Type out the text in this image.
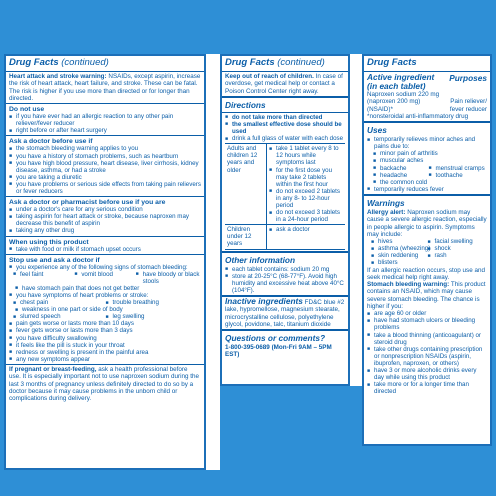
Drug Facts (continued)
Heart attack and stroke warning: NSAIDs, except aspirin, increase the risk of heart attack, heart failure, and stroke. These can be fatal. The risk is higher if you use more than directed or for longer than directed.
Do not use
■ if you have ever had an allergic reaction to any other pain reliever/fever reducer
■ right before or after heart surgery
Ask a doctor before use if
■ the stomach bleeding warning applies to you
■ you have a history of stomach problems, such as heartburn
■ you have high blood pressure, heart disease, liver cirrhosis, kidney disease, asthma, or had a stroke
■ you are taking a diuretic
■ you have problems or serious side effects from taking pain relievers or fever reducers
Ask a doctor or pharmacist before use if you are
■ under a doctor's care for any serious condition
■ taking aspirin for heart attack or stroke, because naproxen may decrease this benefit of aspirin
■ taking any other drug
When using this product
■ take with food or milk if stomach upset occurs
Stop use and ask a doctor if
■ you experience any of the following signs of stomach bleeding:
■ feel faint	■ vomit blood	■ have bloody or black stools
■ have stomach pain that does not get better
■ you have symptoms of heart problems or stroke:
■ chest pain	■ trouble breathing
■ weakness in one part or side of body
■ slurred speech	■ leg swelling
■ pain gets worse or lasts more than 10 days
■ fever gets worse or lasts more than 3 days
■ you have difficulty swallowing
■ it feels like the pill is stuck in your throat
■ redness or swelling is present in the painful area
■ any new symptoms appear
If pregnant or breast-feeding, ask a health professional before use. It is especially important not to use naproxen sodium during the last 3 months of pregnancy unless definitely directed to do so by a doctor because it may cause problems in the unborn child or complications during delivery.
Drug Facts (continued)
Keep out of reach of children. In case of overdose, get medical help or contact a Poison Control Center right away.
Directions
■ do not take more than directed
■ the smallest effective dose should be used
■ drink a full glass of water with each dose
Adults and children 12 years and older
■ take 1 tablet every 8 to 12 hours while symptoms last
■ for the first dose you may take 2 tablets within the first hour
■ do not exceed 2 tablets in any 8- to 12-hour period
■ do not exceed 3 tablets in a 24-hour period
Children under 12 years
■ ask a doctor
Other information
■ each tablet contains: sodium 20 mg
■ store at 20-25°C (68-77°F). Avoid high humidity and excessive heat above 40°C (104°F).
Inactive ingredients FD&C blue #2 lake, hypromellose, magnesium stearate, microcrystalline cellulose, polyethylene glycol, povidone, talc, titanium dioxide
Questions or comments?
1-800-395-0689 (Mon-Fri 9AM – 5PM EST)
Drug Facts
Active ingredient
(in each tablet)
Purposes
Naproxen sodium 220 mg
(naproxen 200 mg) (NSAID)*
Pain reliever/ fever reducer
*nonsteroidal anti-inflammatory drug
Uses
■ temporarily relieves minor aches and pains due to:
■ minor pain of arthritis
■ muscular aches
■ backache	■ menstrual cramps
■ headache	■ toothache
■ the common cold
■ temporarily reduces fever
Warnings
Allergy alert: Naproxen sodium may cause a severe allergic reaction, especially in people allergic to aspirin. Symptoms may include:
■ hives	■ facial swelling
■ asthma (wheezing) ■ shock
■ skin reddening	■ rash
■ blisters
If an allergic reaction occurs, stop use and seek medical help right away.
Stomach bleeding warning: This product contains an NSAID, which may cause severe stomach bleeding. The chance is higher if you:
■ are age 60 or older
■ have had stomach ulcers or bleeding problems
■ take a blood thinning (anticoagulant) or steroid drug
■ take other drugs containing prescription or nonprescription NSAIDs (aspirin, ibuprofen, naproxen, or others)
■ have 3 or more alcoholic drinks every day while using this product
■ take more or for a longer time than directed
